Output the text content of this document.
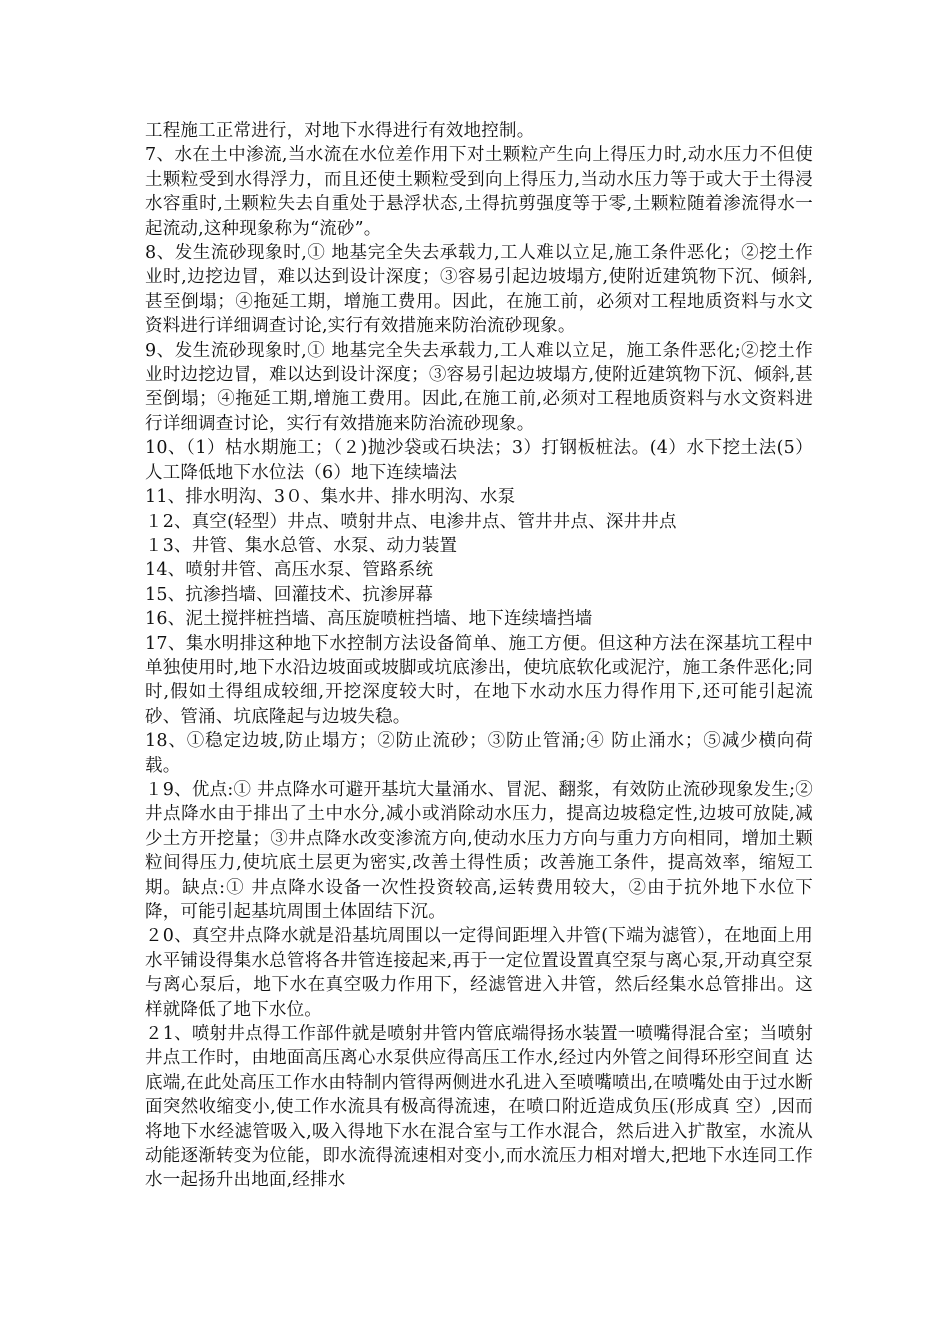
工程施工正常进行，对地下水得进行有效地控制。

7、水在土中渗流,当水流在水位差作用下对土颗粒产生向上得压力时,动水压力不但使土颗粒受到水得浮力，而且还使土颗粒受到向上得压力,当动水压力等于或大于土得浸水容重时,土颗粒失去自重处于悬浮状态,土得抗剪强度等于零,土颗粒随着渗流得水一起流动,这种现象称为“流砂”。

8、发生流砂现象时,① 地基完全失去承载力,工人难以立足,施工条件恶化；②挖土作业时,边挖边冒，难以达到设计深度；③容易引起边坡塌方,使附近建筑物下沉、倾斜,甚至倒塌；④拖延工期，增施工费用。因此，在施工前，必须对工程地质资料与水文资料进行详细调查讨论,实行有效措施来防治流砂现象。

9、发生流砂现象时,① 地基完全失去承载力,工人难以立足，施工条件恶化;②挖土作业时边挖边冒，难以达到设计深度；③容易引起边坡塌方,使附近建筑物下沉、倾斜,甚至倒塌；④拖延工期,增施工费用。因此,在施工前,必须对工程地质资料与水文资料进行详细调查讨论，实行有效措施来防治流砂现象。

10、（1）枯水期施工；（２)抛沙袋或石块法；3）打钢板桩法。(4）水下挖土法(5）人工降低地下水位法（6）地下连续墙法

11、排水明沟、3０、集水井、排水明沟、水泵

１2、真空(轻型）井点、喷射井点、电渗井点、管井井点、深井井点

１3、井管、集水总管、水泵、动力装置

14、喷射井管、高压水泵、管路系统

15、抗渗挡墙、回灌技术、抗渗屏幕

16、泥土搅拌桩挡墙、高压旋喷桩挡墙、地下连续墙挡墙

17、集水明排这种地下水控制方法设备简单、施工方便。但这种方法在深基坑工程中单独使用时,地下水沿边坡面或坡脚或坑底渗出，使坑底软化或泥泞，施工条件恶化;同时,假如土得组成较细,开挖深度较大时，在地下水动水压力得作用下,还可能引起流砂、管涌、坑底隆起与边坡失稳。

18、①稳定边坡,防止塌方；②防止流砂；③防止管涌;④ 防止涌水；⑤减少横向荷载。

１9、优点:① 井点降水可避开基坑大量涌水、冒泥、翻浆，有效防止流砂现象发生;② 井点降水由于排出了土中水分,减小或消除动水压力，提高边坡稳定性,边坡可放陡,减少土方开挖量；③井点降水改变渗流方向,使动水压力方向与重力方向相同，增加土颗粒间得压力,使坑底土层更为密实,改善土得性质；改善施工条件，提高效率，缩短工期。缺点:① 井点降水设备一次性投资较高,运转费用较大，②由于抗外地下水位下降，可能引起基坑周围土体固结下沉。

２0、真空井点降水就是沿基坑周围以一定得间距埋入井管(下端为滤管），在地面上用水平铺设得集水总管将各井管连接起来,再于一定位置设置真空泵与离心泵,开动真空泵与离心泵后，地下水在真空吸力作用下，经滤管进入井管，然后经集水总管排出。这样就降低了地下水位。

２1、喷射井点得工作部件就是喷射井管内管底端得扬水装置一喷嘴得混合室；当喷射井点工作时，由地面高压离心水泵供应得高压工作水,经过内外管之间得环形空间直 达底端,在此处高压工作水由特制内管得两侧进水孔进入至喷嘴喷出,在喷嘴处由于过水断　面突然收缩变小,使工作水流具有极高得流速，在喷口附近造成负压(形成真 空）,因而将地下水经滤管吸入,吸入得地下水在混合室与工作水混合，然后进入扩散室，水流从动能逐渐转变为位能，即水流得流速相对变小,而水流压力相对增大,把地下水连同工作水一起扬升出地面,经排水
